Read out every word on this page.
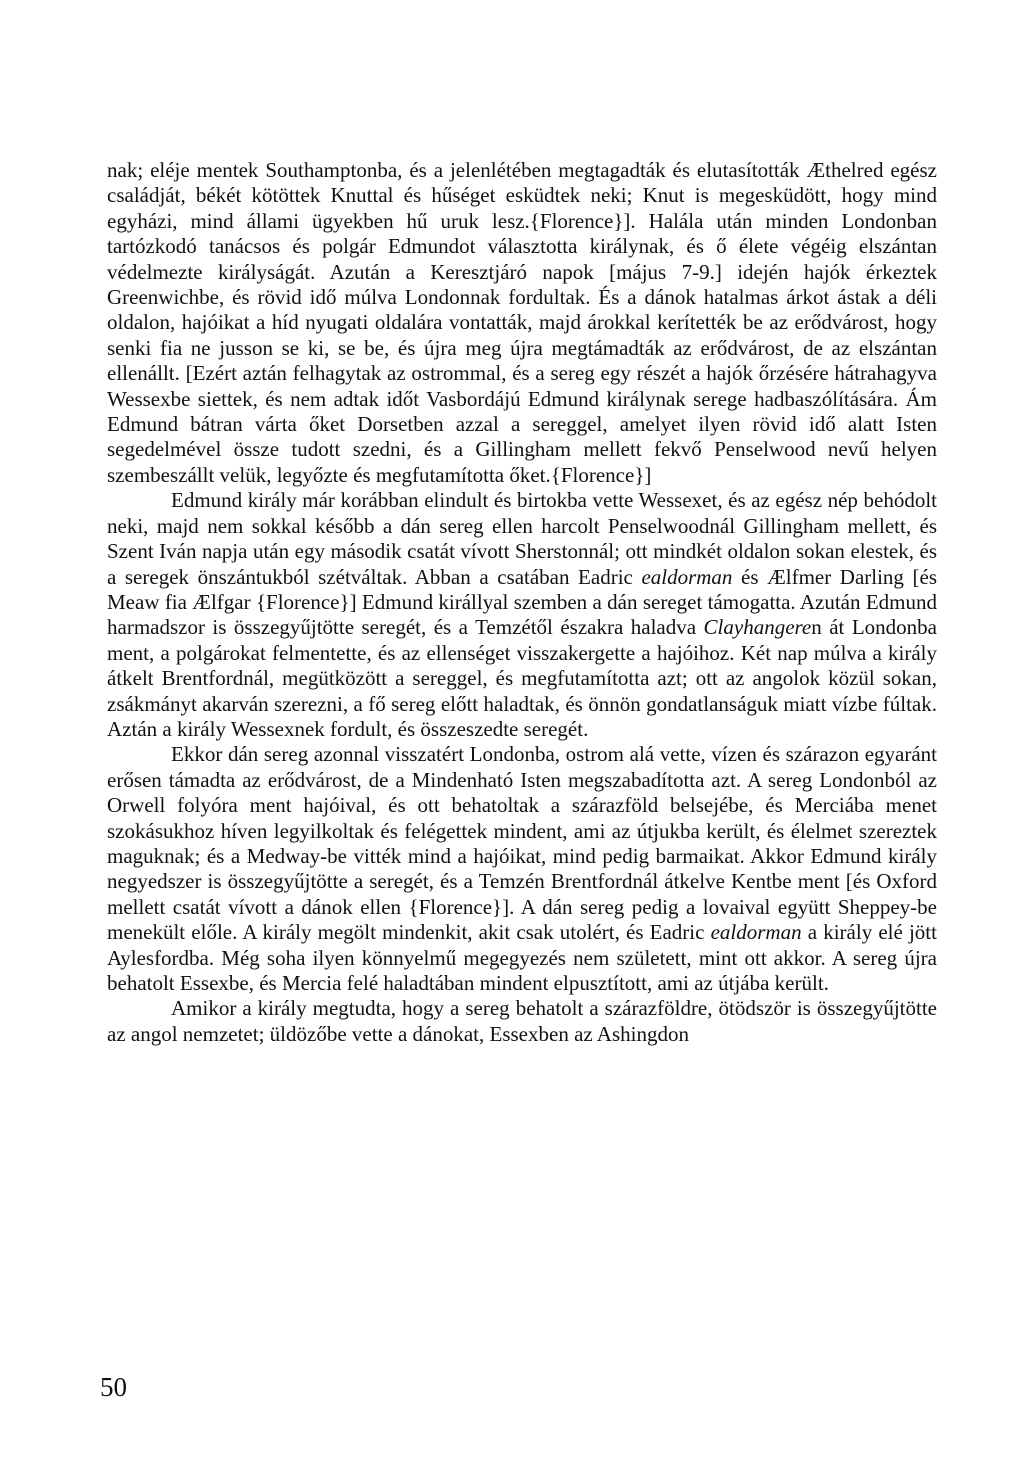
nak; eléje mentek Southamptonba, és a jelenlétében megtagadták és elutasították Æthelred egész családját, békét kötöttek Knuttal és hűséget esküdtek neki; Knut is megesküdött, hogy mind egyházi, mind állami ügyekben hű uruk lesz.{Florence}]. Halála után minden Londonban tartózkodó tanácsos és polgár Edmundot választotta királynak, és ő élete végéig elszántan védelmezte királyságát. Azután a Keresztjáró napok [május 7-9.] idején hajók érkeztek Greenwichbe, és rövid idő múlva Londonnak fordultak. És a dánok hatalmas árkot ástak a déli oldalon, hajóikat a híd nyugati oldalára vontatták, majd árokkal kerítették be az erődvárost, hogy senki fia ne jusson se ki, se be, és újra meg újra megtámadták az erődvárost, de az elszántan ellenállt. [Ezért aztán felhagytak az ostrommal, és a sereg egy részét a hajók őrzésére hátrahagyva Wessexbe siettek, és nem adtak időt Vasbordájú Edmund királynak serege hadbaszólítására. Ám Edmund bátran várta őket Dorsetben azzal a sereggel, amelyet ilyen rövid idő alatt Isten segedelmével össze tudott szedni, és a Gillingham mellett fekvő Penselwood nevű helyen szembeszállt velük, legyőzte és megfutamította őket.{Florence}]

Edmund király már korábban elindult és birtokba vette Wessexet, és az egész nép behódolt neki, majd nem sokkal később a dán sereg ellen harcolt Penselwoodnál Gillingham mellett, és Szent Iván napja után egy második csatát vívott Sherstonnál; ott mindkét oldalon sokan elestek, és a seregek önszántukból szétváltak. Abban a csatában Eadric ealdorman és Ælfmer Darling [és Meaw fia Ælfgar {Florence}] Edmund királlyal szemben a dán sereget támogatta. Azután Edmund harmadszor is összegyűjtötte seregét, és a Temzétől északra haladva Clayhangeren át Londonba ment, a polgárokat felmentette, és az ellenséget visszakergette a hajóihoz. Két nap múlva a király átkelt Brentfordnál, megütközött a sereggel, és megfutamította azt; ott az angolok közül sokan, zsákmányt akarván szerezni, a fő sereg előtt haladtak, és önnön gondatlanságuk miatt vízbe fúltak. Aztán a király Wessexnek fordult, és összeszedte seregét.

Ekkor dán sereg azonnal visszatért Londonba, ostrom alá vette, vízen és szárazon egyaránt erősen támadta az erődvárost, de a Mindenható Isten megszabadította azt. A sereg Londonból az Orwell folyóra ment hajóival, és ott behatoltak a szárazföld belsejébe, és Merciába menet szokásukhoz híven legyilkoltak és felégettek mindent, ami az útjukba került, és élelmet szereztek maguknak; és a Medway-be vitték mind a hajóikat, mind pedig barmaikat. Akkor Edmund király negyedszer is összegyűjtötte a seregét, és a Temzén Brentfordnál átkelve Kentbe ment [és Oxford mellett csatát vívott a dánok ellen {Florence}]. A dán sereg pedig a lovaival együtt Sheppey-be menekült előle. A király megölt mindenkit, akit csak utolért, és Eadric ealdorman a király elé jött Aylesfordba. Még soha ilyen könnyelmű megegyezés nem született, mint ott akkor. A sereg újra behatolt Essexbe, és Mercia felé haladtában mindent elpusztított, ami az útjába került.

Amikor a király megtudta, hogy a sereg behatolt a szárazföldre, ötödször is összegyűjtötte az angol nemzetet; üldözőbe vette a dánokat, Essexben az Ashingdon

50
